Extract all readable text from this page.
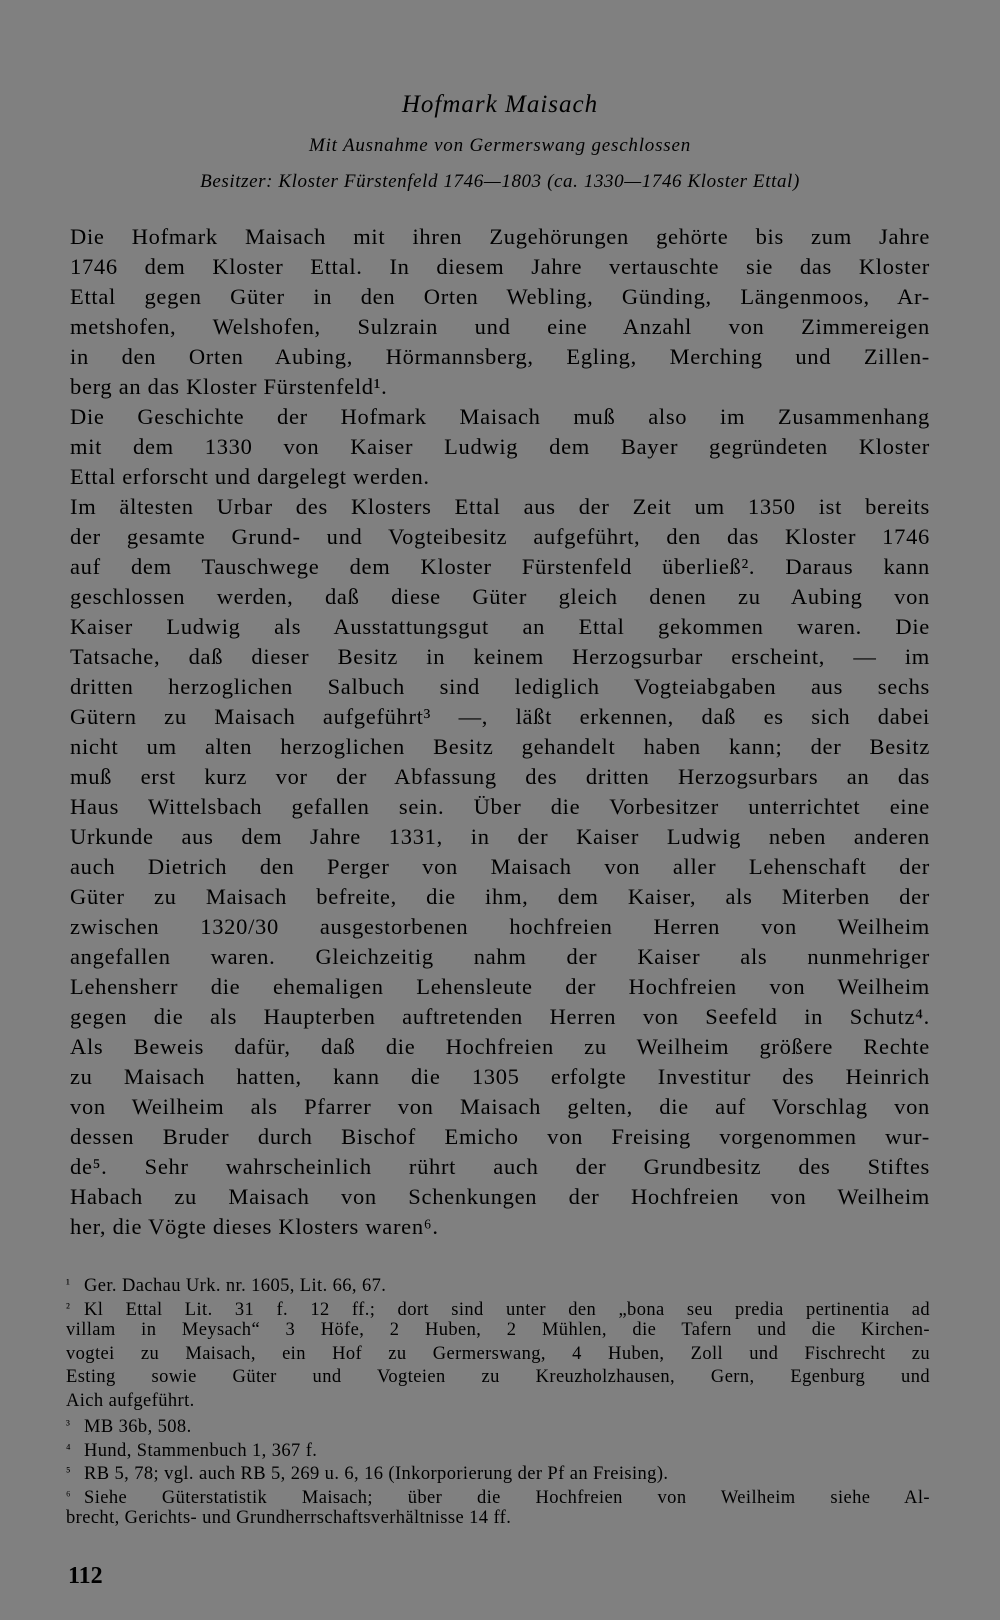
Hofmark Maisach
Mit Ausnahme von Germerswang geschlossen
Besitzer: Kloster Fürstenfeld 1746—1803 (ca. 1330—1746 Kloster Ettal)
Die Hofmark Maisach mit ihren Zugehörungen gehörte bis zum Jahre
1746 dem Kloster Ettal. In diesem Jahre vertauschte sie das Kloster
Ettal gegen Güter in den Orten Webling, Günding, Längenmoos, Ar-
metshofen, Welshofen, Sulzrain und eine Anzahl von Zimmereigen
in den Orten Aubing, Hörmannsberg, Egling, Merching und Zillen-
berg an das Kloster Fürstenfeld¹.
Die Geschichte der Hofmark Maisach muß also im Zusammenhang
mit dem 1330 von Kaiser Ludwig dem Bayer gegründeten Kloster
Ettal erforscht und dargelegt werden.
Im ältesten Urbar des Klosters Ettal aus der Zeit um 1350 ist bereits
der gesamte Grund- und Vogteibesitz aufgeführt, den das Kloster 1746
auf dem Tauschwege dem Kloster Fürstenfeld überließ². Daraus kann
geschlossen werden, daß diese Güter gleich denen zu Aubing von
Kaiser Ludwig als Ausstattungsgut an Ettal gekommen waren. Die
Tatsache, daß dieser Besitz in keinem Herzogsurbar erscheint, — im
dritten herzoglichen Salbuch sind lediglich Vogteiabgaben aus sechs
Gütern zu Maisach aufgeführt³ —, läßt erkennen, daß es sich dabei
nicht um alten herzoglichen Besitz gehandelt haben kann; der Besitz
muß erst kurz vor der Abfassung des dritten Herzogsurbars an das
Haus Wittelsbach gefallen sein. Über die Vorbesitzer unterrichtet eine
Urkunde aus dem Jahre 1331, in der Kaiser Ludwig neben anderen
auch Dietrich den Perger von Maisach von aller Lehenschaft der
Güter zu Maisach befreite, die ihm, dem Kaiser, als Miterben der
zwischen 1320/30 ausgestorbenen hochfreien Herren von Weilheim
angefallen waren. Gleichzeitig nahm der Kaiser als nunmehriger
Lehensherr die ehemaligen Lehensleute der Hochfreien von Weilheim
gegen die als Haupterben auftretenden Herren von Seefeld in Schutz⁴.
Als Beweis dafür, daß die Hochfreien zu Weilheim größere Rechte
zu Maisach hatten, kann die 1305 erfolgte Investitur des Heinrich
von Weilheim als Pfarrer von Maisach gelten, die auf Vorschlag von
dessen Bruder durch Bischof Emicho von Freising vorgenommen wur-
de⁵. Sehr wahrscheinlich rührt auch der Grundbesitz des Stiftes
Habach zu Maisach von Schenkungen der Hochfreien von Weilheim
her, die Vögte dieses Klosters waren⁶.
¹ Ger. Dachau Urk. nr. 1605, Lit. 66, 67.
² Kl Ettal Lit. 31 f. 12 ff.; dort sind unter den „bona seu predia pertinentia ad
villam in Meysach“ 3 Höfe, 2 Huben, 2 Mühlen, die Tafern und die Kirchen-
vogtei zu Maisach, ein Hof zu Germerswang, 4 Huben, Zoll und Fischrecht zu
Esting sowie Güter und Vogteien zu Kreuzholzhausen, Gern, Egenburg und
Aich aufgeführt.
³ MB 36b, 508.
⁴ Hund, Stammenbuch 1, 367 f.
⁵ RB 5, 78; vgl. auch RB 5, 269 u. 6, 16 (Inkorporierung der Pf an Freising).
⁶ Siehe Güterstatistik Maisach; über die Hochfreien von Weilheim siehe Al-
brecht, Gerichts- und Grundherrschaftsverhältnisse 14 ff.
112
